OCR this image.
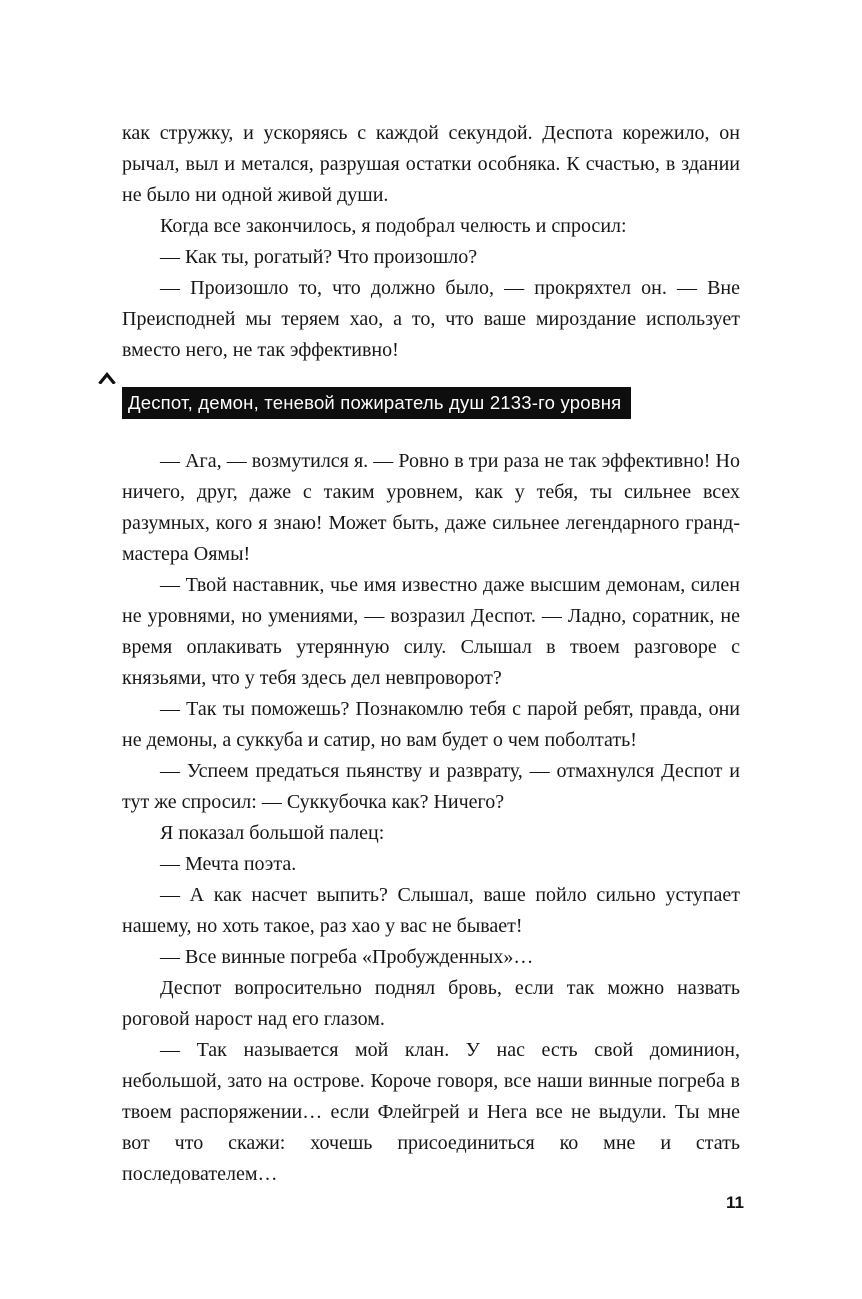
как стружку, и ускоряясь с каждой секундой. Деспота корежило, он рычал, выл и метался, разрушая остатки особняка. К счастью, в здании не было ни одной живой души.

Когда все закончилось, я подобрал челюсть и спросил:

— Как ты, рогатый? Что произошло?

— Произошло то, что должно было, — прокряхтел он. — Вне Преисподней мы теряем хао, а то, что ваше мироздание использует вместо него, не так эффективно!

Деспот, демон, теневой пожиратель душ 2133-го уровня

— Ага, — возмутился я. — Ровно в три раза не так эффективно! Но ничего, друг, даже с таким уровнем, как у тебя, ты сильнее всех разумных, кого я знаю! Может быть, даже сильнее легендарного гранд-мастера Оямы!

— Твой наставник, чье имя известно даже высшим демонам, силен не уровнями, но умениями, — возразил Деспот. — Ладно, соратник, не время оплакивать утерянную силу. Слышал в твоем разговоре с князьями, что у тебя здесь дел невпроворот?

— Так ты поможешь? Познакомлю тебя с парой ребят, правда, они не демоны, а суккуба и сатир, но вам будет о чем поболтать!

— Успеем предаться пьянству и разврату, — отмахнулся Деспот и тут же спросил: — Суккубочка как? Ничего?

Я показал большой палец:

— Мечта поэта.

— А как насчет выпить? Слышал, ваше пойло сильно уступает нашему, но хоть такое, раз хао у вас не бывает!

— Все винные погреба «Пробужденных»…

Деспот вопросительно поднял бровь, если так можно назвать роговой нарост над его глазом.

— Так называется мой клан. У нас есть свой доминион, небольшой, зато на острове. Короче говоря, все наши винные погреба в твоем распоряжении… если Флейгрей и Нега все не выдули. Ты мне вот что скажи: хочешь присоединиться ко мне и стать последователем…

11
